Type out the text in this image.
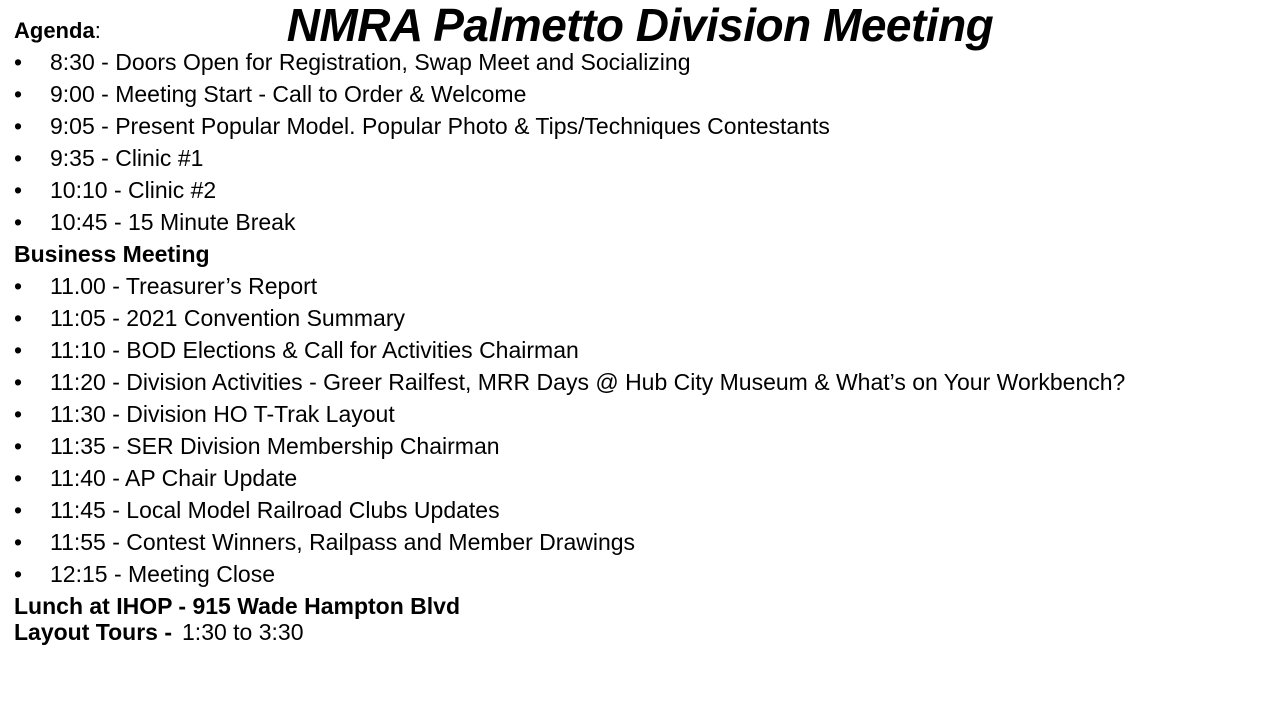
NMRA Palmetto Division Meeting
Agenda:
•	8:30 - Doors Open for Registration, Swap Meet and Socializing
•	9:00 - Meeting Start - Call to Order & Welcome
•	9:05 - Present Popular Model. Popular Photo & Tips/Techniques Contestants
•	9:35 - Clinic #1
•	10:10 - Clinic #2
•	10:45 - 15 Minute Break
Business Meeting
•	11.00 - Treasurer’s Report
•	11:05 - 2021 Convention Summary
•	11:10 - BOD Elections & Call for Activities Chairman
•	11:20 - Division Activities - Greer Railfest, MRR Days @ Hub City Museum & What’s on Your Workbench?
•	11:30 - Division HO T-Trak Layout
•	11:35 - SER Division Membership Chairman
•	11:40 - AP Chair Update
•	11:45 - Local Model Railroad Clubs Updates
•	11:55 - Contest Winners, Railpass and Member Drawings
•	12:15 - Meeting Close
Lunch at IHOP - 915 Wade Hampton Blvd
Layout Tours - 1:30 to 3:30
